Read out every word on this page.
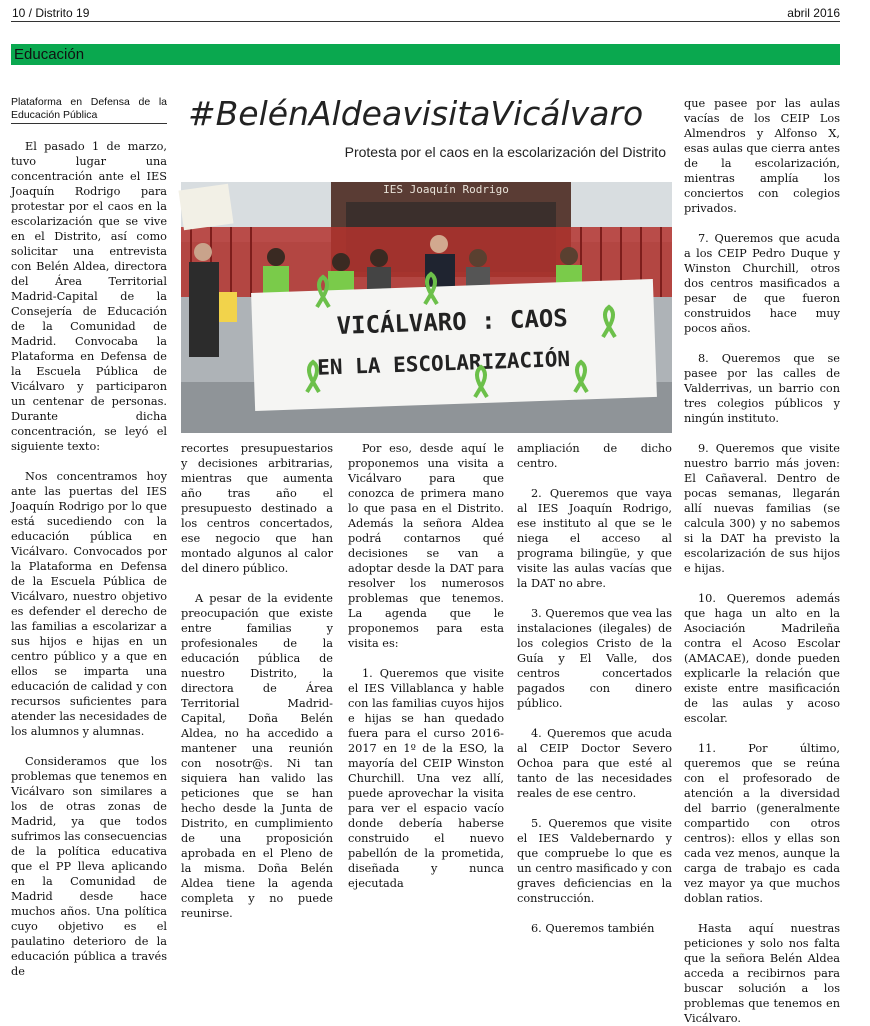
10 / Distrito 19	abril 2016
Educación

Plataforma en Defensa de la Educación Pública

El pasado 1 de marzo, tuvo lugar una concentración ante el IES Joaquín Rodrigo para protestar por el caos en la escolarización que se vive en el Distrito, así como solicitar una entrevista con Belén Aldea, directora del Área Territorial Madrid-Capital de la Consejería de Educación de la Comunidad de Madrid. Convocaba la Plataforma en Defensa de la Escuela Pública de Vicálvaro y participaron un centenar de personas. Durante dicha concentración, se leyó el siguiente texto:

Nos concentramos hoy ante las puertas del IES Joaquín Rodrigo por lo que está sucediendo con la educación pública en Vicálvaro. Convocados por la Plataforma en Defensa de la Escuela Pública de Vicálvaro, nuestro objetivo es defender el derecho de las familias a escolarizar a sus hijos e hijas en un centro público y a que en ellos se imparta una educación de calidad y con recursos suficientes para atender las necesidades de los alumnos y alumnas.

Consideramos que los problemas que tenemos en Vicálvaro son similares a los de otras zonas de Madrid, ya que todos sufrimos las consecuencias de la política educativa que el PP lleva aplicando en la Comunidad de Madrid desde hace muchos años. Una política cuyo objetivo es el paulatino deterioro de la educación pública a través de

#BelénAldeavisitaVicálvaro
Protesta por el caos en la escolarización del Distrito
IES Joaquín Rodrigo
VICÁLVARO : CAOS
EN LA ESCOLARIZACIÓN

recortes presupuestarios y decisiones arbitrarias, mientras que aumenta año tras año el presupuesto destinado a los centros concertados, ese negocio que han montado algunos al calor del dinero público.

A pesar de la evidente preocupación que existe entre familias y profesionales de la educación pública de nuestro Distrito, la directora de Área Territorial Madrid-Capital, Doña Belén Aldea, no ha accedido a mantener una reunión con nosotr@s. Ni tan siquiera han valido las peticiones que se han hecho desde la Junta de Distrito, en cumplimiento de una proposición aprobada en el Pleno de la misma. Doña Belén Aldea tiene la agenda completa y no puede reunirse.

Por eso, desde aquí le proponemos una visita a Vicálvaro para que conozca de primera mano lo que pasa en el Distrito. Además la señora Aldea podrá contarnos qué decisiones se van a adoptar desde la DAT para resolver los numerosos problemas que tenemos. La agenda que le proponemos para esta visita es:

1. Queremos que visite el IES Villablanca y hable con las familias cuyos hijos e hijas se han quedado fuera para el curso 2016-2017 en 1º de la ESO, la mayoría del CEIP Winston Churchill. Una vez allí, puede aprovechar la visita para ver el espacio vacío donde debería haberse construido el nuevo pabellón de la prometida, diseñada y nunca ejecutada

ampliación de dicho centro.

2. Queremos que vaya al IES Joaquín Rodrigo, ese instituto al que se le niega el acceso al programa bilingüe, y que visite las aulas vacías que la DAT no abre.

3. Queremos que vea las instalaciones (ilegales) de los colegios Cristo de la Guía y El Valle, dos centros concertados pagados con dinero público.

4. Queremos que acuda al CEIP Doctor Severo Ochoa para que esté al tanto de las necesidades reales de ese centro.

5. Queremos que visite el IES Valdebernardo y que compruebe lo que es un centro masificado y con graves deficiencias en la construcción.

6. Queremos también

que pasee por las aulas vacías de los CEIP Los Almendros y Alfonso X, esas aulas que cierra antes de la escolarización, mientras amplía los conciertos con colegios privados.

7. Queremos que acuda a los CEIP Pedro Duque y Winston Churchill, otros dos centros masificados a pesar de que fueron construidos hace muy pocos años.

8. Queremos que se pasee por las calles de Valderrivas, un barrio con tres colegios públicos y ningún instituto.

9. Queremos que visite nuestro barrio más joven: El Cañaveral. Dentro de pocas semanas, llegarán allí nuevas familias (se calcula 300) y no sabemos si la DAT ha previsto la escolarización de sus hijos e hijas.

10. Queremos además que haga un alto en la Asociación Madrileña contra el Acoso Escolar (AMACAE), donde pueden explicarle la relación que existe entre masificación de las aulas y acoso escolar.

11. Por último, queremos que se reúna con el profesorado de atención a la diversidad del barrio (generalmente compartido con otros centros): ellos y ellas son cada vez menos, aunque la carga de trabajo es cada vez mayor ya que muchos doblan ratios.

Hasta aquí nuestras peticiones y solo nos falta que la señora Belén Aldea acceda a recibirnos para buscar solución a los problemas que tenemos en Vicálvaro.
